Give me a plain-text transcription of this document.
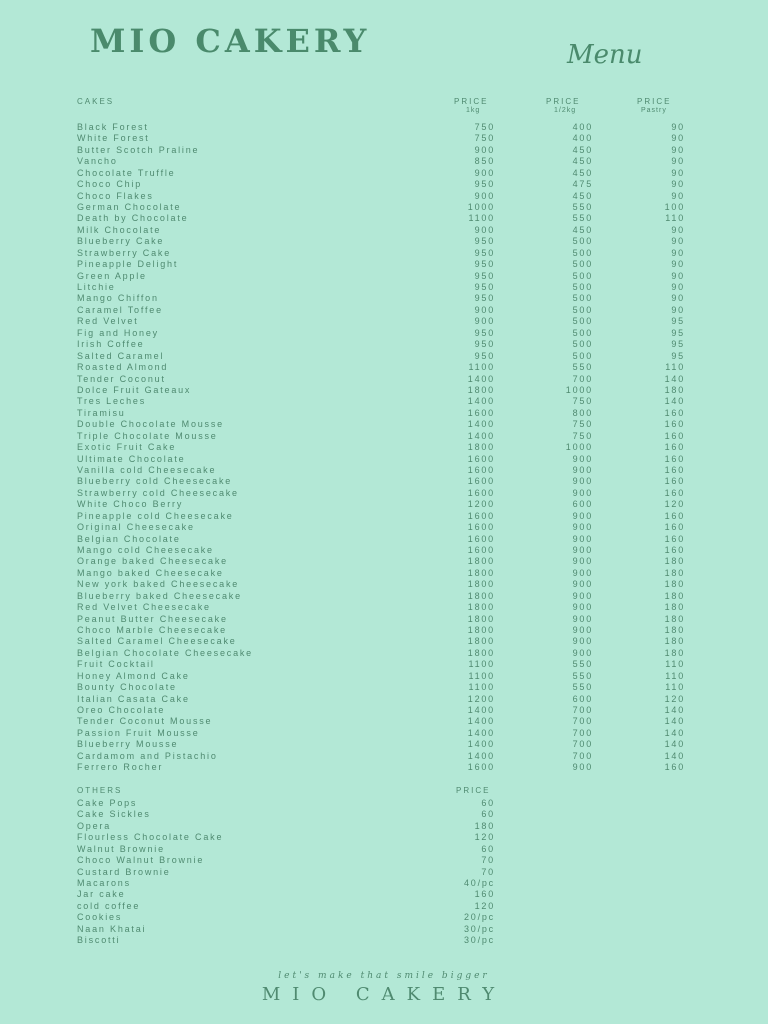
MIO CAKERY	Menu
CAKES	PRICE	PRICE	PRICE
1kg	1/2kg	Pastry
Black Forest	750	400	90
White Forest	750	400	90
Butter Scotch Praline	900	450	90
Vancho	850	450	90
Chocolate Truffle	900	450	90
Choco Chip	950	475	90
Choco Flakes	900	450	90
German Chocolate	1000	550	100
Death by Chocolate	1100	550	110
Milk Chocolate	900	450	90
Blueberry Cake	950	500	90
Strawberry Cake	950	500	90
Pineapple Delight	950	500	90
Green Apple	950	500	90
Litchie	950	500	90
Mango Chiffon	950	500	90
Caramel Toffee	900	500	90
Red Velvet	900	500	95
Fig and Honey	950	500	95
Irish Coffee	950	500	95
Salted Caramel	950	500	95
Roasted Almond	1100	550	110
Tender Coconut	1400	700	140
Dolce Fruit Gateaux	1800	1000	180
Tres Leches	1400	750	140
Tiramisu	1600	800	160
Double Chocolate Mousse	1400	750	160
Triple Chocolate Mousse	1400	750	160
Exotic Fruit Cake	1800	1000	160
Ultimate Chocolate	1600	900	160
Vanilla cold Cheesecake	1600	900	160
Blueberry cold Cheesecake	1600	900	160
Strawberry cold Cheesecake	1600	900	160
White Choco Berry	1200	600	120
Pineapple cold Cheesecake	1600	900	160
Original Cheesecake	1600	900	160
Belgian Chocolate	1600	900	160
Mango cold Cheesecake	1600	900	160
Orange baked Cheesecake	1800	900	180
Mango baked Cheesecake	1800	900	180
New york baked Cheesecake	1800	900	180
Blueberry baked Cheesecake	1800	900	180
Red Velvet Cheesecake	1800	900	180
Peanut Butter Cheesecake	1800	900	180
Choco Marble Cheesecake	1800	900	180
Salted Caramel Cheesecake	1800	900	180
Belgian Chocolate Cheesecake	1800	900	180
Fruit Cocktail	1100	550	110
Honey Almond Cake	1100	550	110
Bounty Chocolate	1100	550	110
Italian Casata Cake	1200	600	120
Oreo Chocolate	1400	700	140
Tender Coconut Mousse	1400	700	140
Passion Fruit Mousse	1400	700	140
Blueberry Mousse	1400	700	140
Cardamom and Pistachio	1400	700	140
Ferrero Rocher	1600	900	160
OTHERS	PRICE
Cake Pops	60
Cake Sickles	60
Opera	180
Flourless Chocolate Cake	120
Walnut Brownie	60
Choco Walnut Brownie	70
Custard Brownie	70
Macarons	40/pc
Jar cake	160
cold coffee	120
Cookies	20/pc
Naan Khatai	30/pc
Biscotti	30/pc
let's make that smile bigger
MIO CAKERY
